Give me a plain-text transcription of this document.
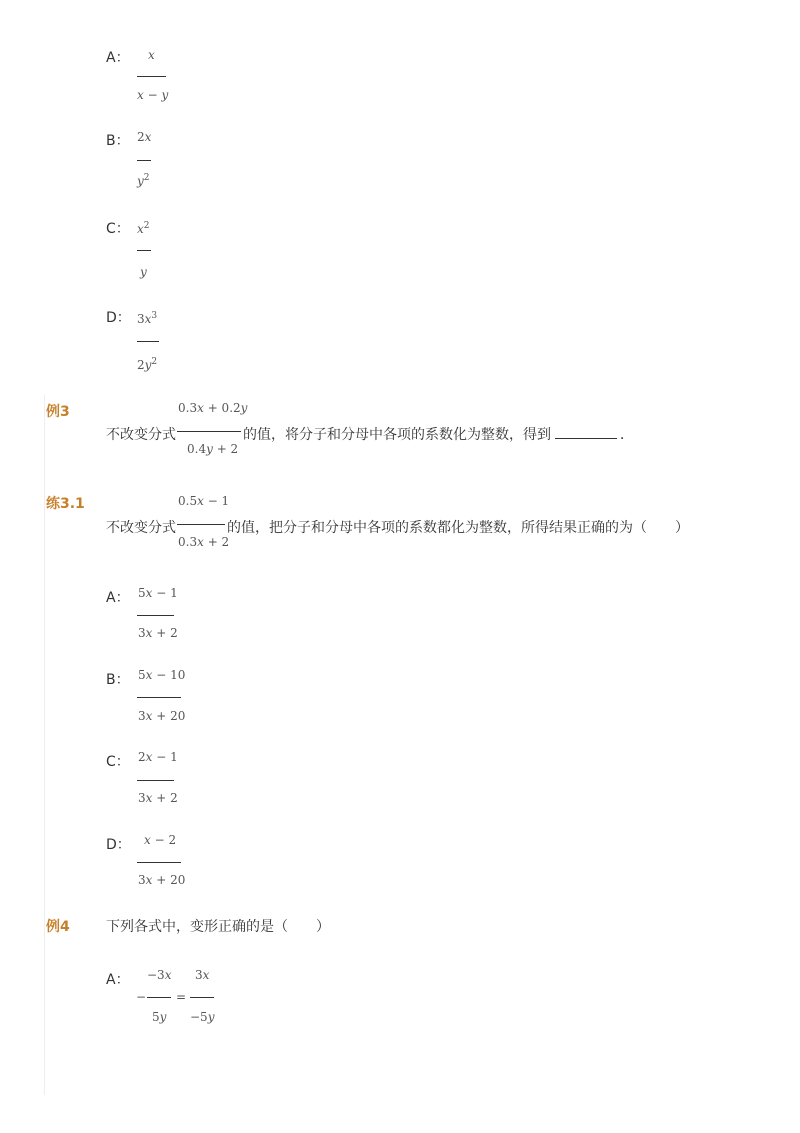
A： x
x − y
B： 2x
$y^2$
C： $x^2$
y
D： $3x^3$
$2y^2$
例3	0.3x + 0.2y
不改变分式	的值，将分子和分母中各项的系数化为整数，得到	．
0.4y + 2
练3.1	0.5x − 1
不改变分式	的值，把分子和分母中各项的系数都化为整数，所得结果正确的为（　　）
0.3x + 2
A： 5x − 1
3x + 2
B： 5x − 10
3x + 20
C： 2x − 1
3x + 2
D： x − 2
3x + 20
例4	下列各式中，变形正确的是（　　）
A： −3x
−
5y
=
3x
−5y
